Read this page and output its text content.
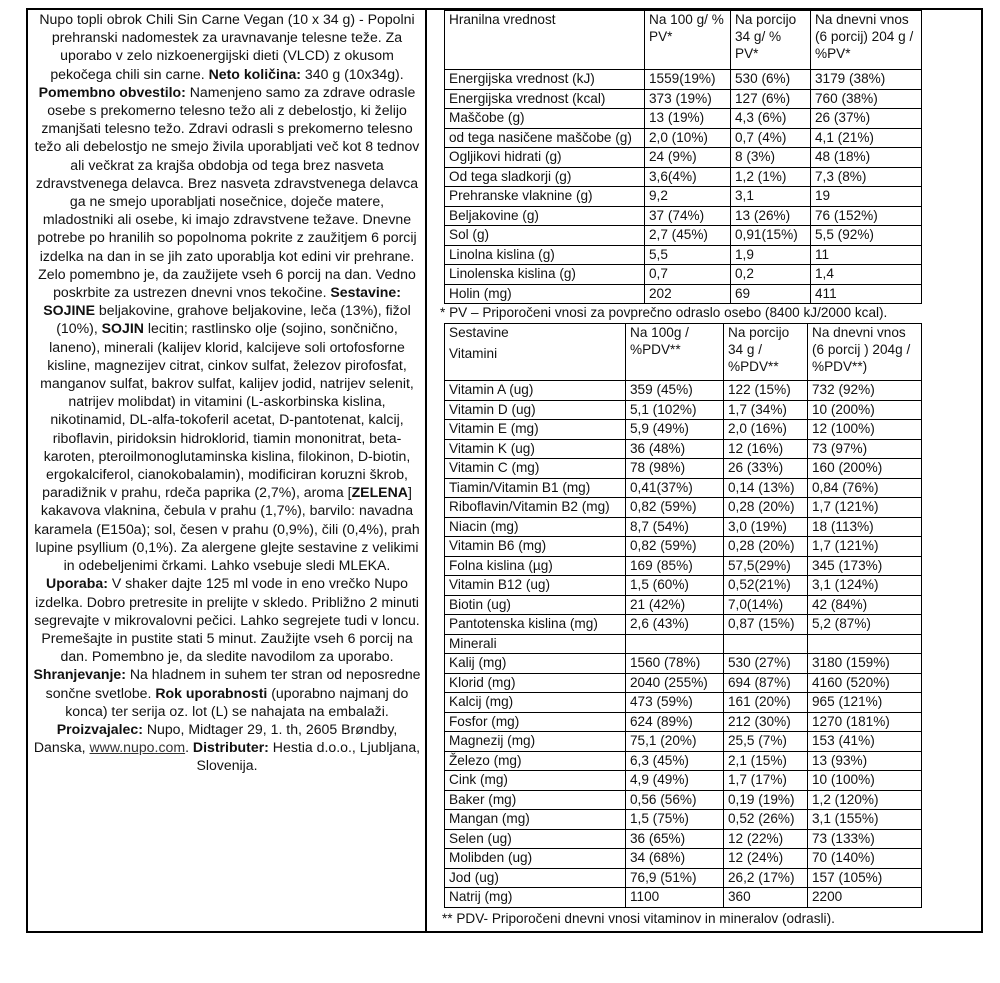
Nupo topli obrok Chili Sin Carne Vegan (10 x 34 g) - Popolni prehranski nadomestek za uravnavanje telesne teže. Za uporabo v zelo nizkoenergijski dieti (VLCD) z okusom pekočega chili sin carne. Neto količina: 340 g (10x34g).
Pomembno obvestilo: Namenjeno samo za zdrave odrasle osebe s prekomerno telesno težo ali z debelostjo, ki želijo zmanjšati telesno težo. Zdravi odrasli s prekomerno telesno težo ali debelostjo ne smejo živila uporabljati več kot 8 tednov ali večkrat za krajša obdobja od tega brez nasveta zdravstvenega delavca. Brez nasveta zdravstvenega delavca ga ne smejo uporabljati nosečnice, doječe matere, mladostniki ali osebe, ki imajo zdravstvene težave. Dnevne potrebe po hranilih so popolnoma pokrite z zaužitjem 6 porcij izdelka na dan in se jih zato uporablja kot edini vir prehrane. Zelo pomembno je, da zaužijete vseh 6 porcij na dan. Vedno poskrbite za ustrezen dnevni vnos tekočine. Sestavine:
SOJINE beljakovine, grahove beljakovine, leča (13%), fižol (10%), SOJIN lecitin; rastlinsko olje (sojino, sončnično, laneno), minerali (kalijev klorid, kalcijeve soli ortofosforne kisline, magnezijev citrat, cinkov sulfat, železov pirofosfat, manganov sulfat, bakrov sulfat, kalijev jodid, natrijev selenit, natrijev molibdat) in vitamini (L-askorbinska kislina, nikotinamid, DL-alfa-tokoferil acetat, D-pantotenat, kalcij, riboflavin, piridoksin hidroklorid, tiamin mononitrat, beta-karoten, pteroilmonoglutaminska kislina, filokinon, D-biotin, ergokalciferol, cianokobalamin), modificiran koruzni škrob, paradižnik v prahu, rdeča paprika (2,7%), aroma [ZELENA] kakavova vlaknina, čebula v prahu (1,7%), barvilo: navadna karamela (E150a); sol, česen v prahu (0,9%), čili (0,4%), prah lupine psyllium (0,1%). Za alergene glejte sestavine z velikimi in odebeljenimi črkami. Lahko vsebuje sledi MLEKA.
Uporaba: V shaker dajte 125 ml vode in eno vrečko Nupo izdelka. Dobro pretresite in prelijte v skledo. Približno 2 minuti segrevajte v mikrovalovni pečici. Lahko segrejete tudi v loncu. Premešajte in pustite stati 5 minut. Zaužijte vseh 6 porcij na dan. Pomembno je, da sledite navodilom za uporabo. Shranjevanje: Na hladnem in suhem ter stran od neposredne sončne svetlobe. Rok uporabnosti (uporabno najmanj do konca) ter serija oz. lot (L) se nahajata na embalaži. Proizvajalec: Nupo, Midtager 29, 1. th, 2605 Brøndby, Danska, www.nupo.com. Distributer: Hestia d.o.o., Ljubljana, Slovenija.
Hranilna vrednost	Na 100 g/ % PV*	Na porcijo 34 g/ % PV*	Na dnevni vnos (6 porcij) 204 g / %PV*
Energijska vrednost (kJ)	1559(19%)	530 (6%)	3179 (38%)
Energijska vrednost (kcal)	373 (19%)	127 (6%)	760 (38%)
Maščobe (g)	13 (19%)	4,3 (6%)	26 (37%)
od tega nasičene maščobe (g)	2,0 (10%)	0,7 (4%)	4,1 (21%)
Ogljikovi hidrati (g)	24 (9%)	8 (3%)	48 (18%)
Od tega sladkorji (g)	3,6(4%)	1,2 (1%)	7,3 (8%)
Prehranske vlaknine (g)	9,2	3,1	19
Beljakovine (g)	37 (74%)	13 (26%)	76 (152%)
Sol (g)	2,7 (45%)	0,91(15%)	5,5 (92%)
Linolna kislina (g)	5,5	1,9	11
Linolenska kislina (g)	0,7	0,2	1,4
Holin (mg)	202	69	411
* PV – Priporočeni vnosi za povprečno odraslo osebo (8400 kJ/2000 kcal).
Sestavine
Vitamini	Na 100g / %PDV**	Na porcijo 34 g / %PDV**	Na dnevni vnos (6 porcij ) 204g / %PDV**)
Vitamin A (ug)	359 (45%)	122 (15%)	732 (92%)
Vitamin D (ug)	5,1 (102%)	1,7 (34%)	10 (200%)
Vitamin E (mg)	5,9 (49%)	2,0 (16%)	12 (100%)
Vitamin K (ug)	36 (48%)	12 (16%)	73 (97%)
Vitamin C (mg)	78 (98%)	26 (33%)	160 (200%)
Tiamin/Vitamin B1 (mg)	0,41(37%)	0,14 (13%)	0,84 (76%)
Riboflavin/Vitamin B2 (mg)	0,82 (59%)	0,28 (20%)	1,7 (121%)
Niacin (mg)	8,7 (54%)	3,0 (19%)	18 (113%)
Vitamin B6 (mg)	0,82 (59%)	0,28 (20%)	1,7 (121%)
Folna kislina (µg)	169 (85%)	57,5(29%)	345 (173%)
Vitamin B12 (ug)	1,5 (60%)	0,52(21%)	3,1 (124%)
Biotin (ug)	21 (42%)	7,0(14%)	42 (84%)
Pantotenska kislina (mg)	2,6 (43%)	0,87 (15%)	5,2 (87%)
Minerali			
Kalij (mg)	1560 (78%)	530 (27%)	3180 (159%)
Klorid (mg)	2040 (255%)	694 (87%)	4160 (520%)
Kalcij (mg)	473 (59%)	161 (20%)	965 (121%)
Fosfor (mg)	624 (89%)	212 (30%)	1270 (181%)
Magnezij (mg)	75,1 (20%)	25,5 (7%)	153 (41%)
Železo (mg)	6,3 (45%)	2,1 (15%)	13 (93%)
Cink (mg)	4,9 (49%)	1,7 (17%)	10 (100%)
Baker (mg)	0,56 (56%)	0,19 (19%)	1,2 (120%)
Mangan (mg)	1,5 (75%)	0,52 (26%)	3,1 (155%)
Selen (ug)	36 (65%)	12 (22%)	73 (133%)
Molibden (ug)	34 (68%)	12 (24%)	70 (140%)
Jod (ug)	76,9 (51%)	26,2 (17%)	157 (105%)
Natrij (mg)	1100	360	2200
** PDV- Priporočeni dnevni vnosi vitaminov in mineralov (odrasli).
